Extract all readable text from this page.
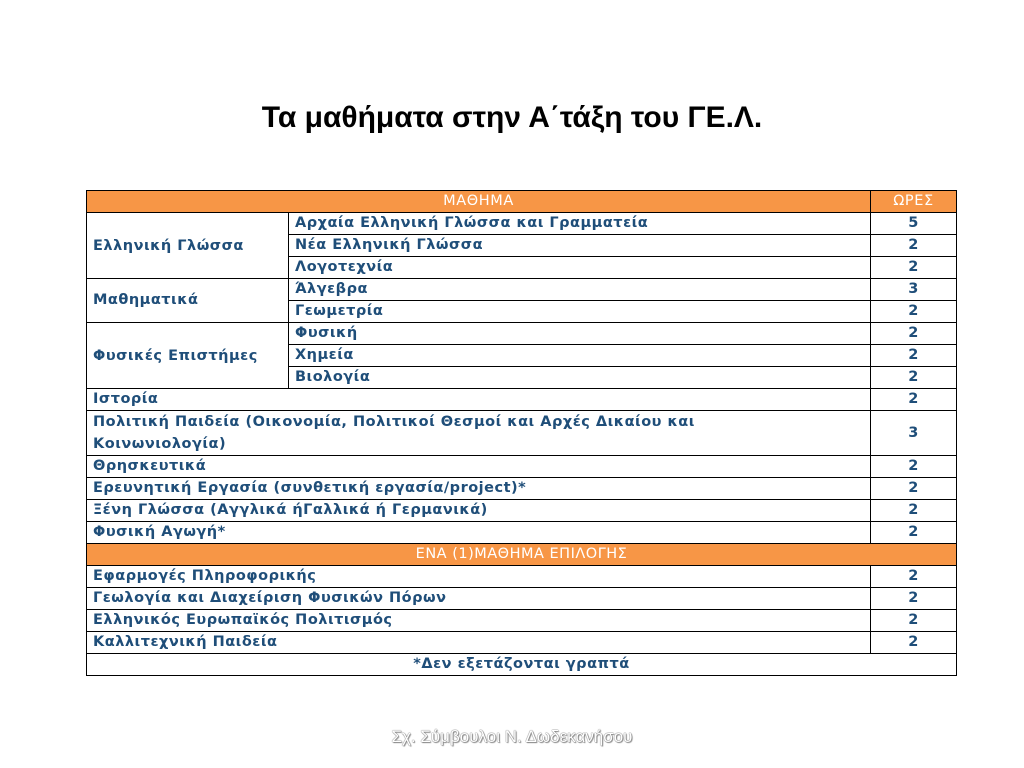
Τα μαθήματα στην Α΄τάξη του ΓΕ.Λ.
ΜΑΘΗΜΑ		ΩΡΕΣ
Ελληνική Γλώσσα	Αρχαία Ελληνική Γλώσσα και Γραμματεία	5
	Νέα Ελληνική Γλώσσα	2
	Λογοτεχνία	2
Μαθηματικά	Άλγεβρα	3
	Γεωμετρία	2
Φυσικές Επιστήμες	Φυσική	2
	Χημεία	2
	Βιολογία	2
Ιστορία		2
Πολιτική Παιδεία (Οικονομία, Πολιτικοί Θεσμοί και Αρχές Δικαίου και Κοινωνιολογία)		3
Θρησκευτικά		2
Ερευνητική Εργασία (συνθετική εργασία/project)*		2
Ξένη Γλώσσα (Αγγλικά ήΓαλλικά ή Γερμανικά)		2
Φυσική Αγωγή*		2
ΕΝΑ (1)ΜΑΘΗΜΑ ΕΠΙΛΟΓΗΣ		
Εφαρμογές Πληροφορικής		2
Γεωλογία και Διαχείριση Φυσικών Πόρων		2
Ελληνικός Ευρωπαϊκός Πολιτισμός		2
Καλλιτεχνική Παιδεία		2
*Δεν εξετάζονται γραπτά		
Σχ. Σύμβουλοι Ν. Δωδεκανήσου
